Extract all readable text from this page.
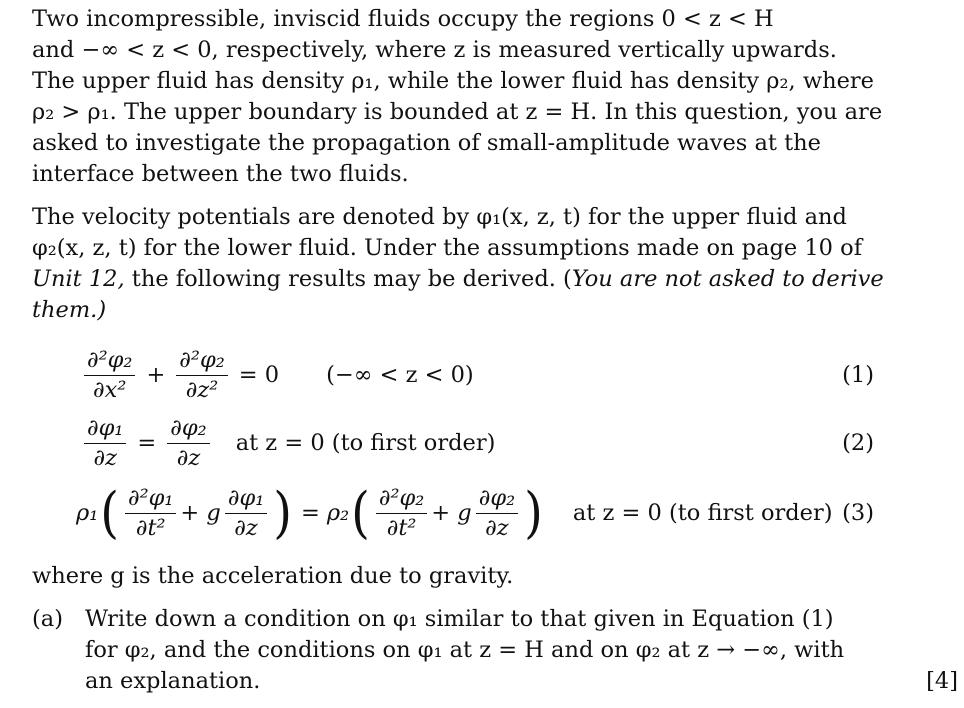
Two incompressible, inviscid fluids occupy the regions 0 < z < H
and −∞ < z < 0, respectively, where z is measured vertically upwards.
The upper fluid has density ρ₁, while the lower fluid has density ρ₂, where
ρ₂ > ρ₁. The upper boundary is bounded at z = H. In this question, you are
asked to investigate the propagation of small-amplitude waves at the
interface between the two fluids.
The velocity potentials are denoted by φ₁(x, z, t) for the upper fluid and
φ₂(x, z, t) for the lower fluid. Under the assumptions made on page 10 of
Unit 12, the following results may be derived. (You are not asked to derive
them.)
$\frac{\text{∂²φ₂}}{\text{∂x²}} + \frac{\text{∂²φ₂}}{\text{∂z²}} = 0$ (−∞ < z < 0)	(1)
$\frac{\text{∂φ₁}}{\partial z} = \frac{\text{∂φ₂}}{\partial z}$ at z = 0 (to first order)	(2)
ρ₁ ( $\frac{\text{∂²φ₁}}{\text{∂t²}} + g \frac{\text{∂φ₁}}{\partial z}$ ) = ρ₂ ( $\frac{\text{∂²φ₂}}{\text{∂t²}} + g \frac{\text{∂φ₂}}{\partial z}$ ) at z = 0 (to first order) (3)
where g is the acceleration due to gravity.
(a) Write down a condition on φ₁ similar to that given in Equation (1)
for φ₂, and the conditions on φ₁ at z = H and on φ₂ at z → −∞, with
an explanation.	[4]
